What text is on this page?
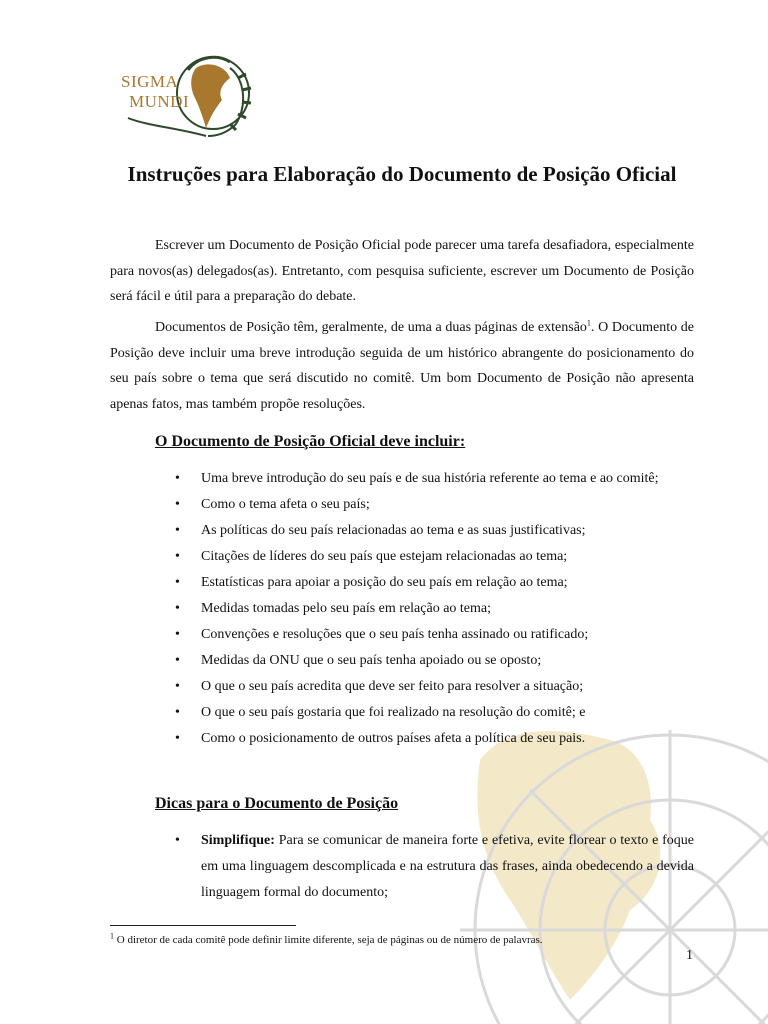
SIGMA
MUNDI
Instruções para Elaboração do Documento de Posição Oficial

Escrever um Documento de Posição Oficial pode parecer uma tarefa desafiadora, especialmente para novos(as) delegados(as). Entretanto, com pesquisa suficiente, escrever um Documento de Posição será fácil e útil para a preparação do debate.

Documentos de Posição têm, geralmente, de uma a duas páginas de extensão$^1$. O Documento de Posição deve incluir uma breve introdução seguida de um histórico abrangente do posicionamento do seu país sobre o tema que será discutido no comitê. Um bom Documento de Posição não apresenta apenas fatos, mas também propõe resoluções.

O Documento de Posição Oficial deve incluir:
• Uma breve introdução do seu país e de sua história referente ao tema e ao comitê;
• Como o tema afeta o seu país;
• As políticas do seu país relacionadas ao tema e as suas justificativas;
• Citações de líderes do seu país que estejam relacionadas ao tema;
• Estatísticas para apoiar a posição do seu país em relação ao tema;
• Medidas tomadas pelo seu país em relação ao tema;
• Convenções e resoluções que o seu país tenha assinado ou ratificado;
• Medidas da ONU que o seu país tenha apoiado ou se oposto;
• O que o seu país acredita que deve ser feito para resolver a situação;
• O que o seu país gostaria que foi realizado na resolução do comitê; e
• Como o posicionamento de outros países afeta a política de seu pais.
Dicas para o Documento de Posição
• Simplifique: Para se comunicar de maneira forte e efetiva, evite florear o texto e foque em uma linguagem descomplicada e na estrutura das frases, ainda obedecendo a devida linguagem formal do documento;
$^1$ O diretor de cada comitê pode definir limite diferente, seja de páginas ou de número de palavras.
1
